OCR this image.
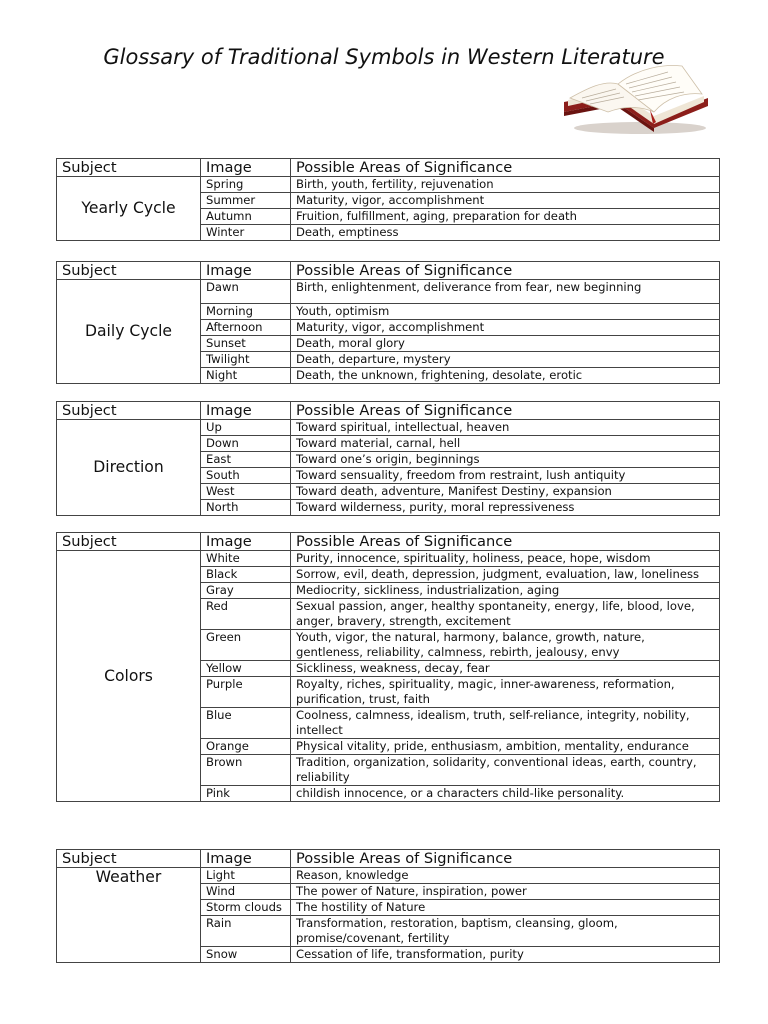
Glossary of Traditional Symbols in Western Literature
Subject	Image	Possible Areas of Significance
Yearly Cycle	Spring	Birth, youth, fertility, rejuvenation
	Summer	Maturity, vigor, accomplishment
	Autumn	Fruition, fulfillment, aging, preparation for death
	Winter	Death, emptiness
Subject	Image	Possible Areas of Significance
Daily Cycle	Dawn	Birth, enlightenment, deliverance from fear, new beginning
	Morning	Youth, optimism
	Afternoon	Maturity, vigor, accomplishment
	Sunset	Death, moral glory
	Twilight	Death, departure, mystery
	Night	Death, the unknown, frightening, desolate, erotic
Subject	Image	Possible Areas of Significance
Direction	Up	Toward spiritual, intellectual, heaven
	Down	Toward material, carnal, hell
	East	Toward one’s origin, beginnings
	South	Toward sensuality, freedom from restraint, lush antiquity
	West	Toward death, adventure, Manifest Destiny, expansion
	North	Toward wilderness, purity, moral repressiveness
Subject	Image	Possible Areas of Significance
Colors	White	Purity, innocence, spirituality, holiness, peace, hope, wisdom
	Black	Sorrow, evil, death, depression, judgment, evaluation, law, loneliness
	Gray	Mediocrity, sickliness, industrialization, aging
	Red	Sexual passion, anger, healthy spontaneity, energy, life, blood, love, anger, bravery, strength, excitement
	Green	Youth, vigor, the natural, harmony, balance, growth, nature, gentleness, reliability, calmness, rebirth, jealousy, envy
	Yellow	Sickliness, weakness, decay, fear
	Purple	Royalty, riches, spirituality, magic, inner-awareness, reformation, purification, trust, faith
	Blue	Coolness, calmness, idealism, truth, self-reliance, integrity, nobility, intellect
	Orange	Physical vitality, pride, enthusiasm, ambition, mentality, endurance
	Brown	Tradition, organization, solidarity, conventional ideas, earth, country, reliability
	Pink	childish innocence, or a characters child-like personality.
Subject	Image	Possible Areas of Significance
Weather	Light	Reason, knowledge
	Wind	The power of Nature, inspiration, power
	Storm clouds	The hostility of Nature
	Rain	Transformation, restoration, baptism, cleansing, gloom, promise/covenant, fertility
	Snow	Cessation of life, transformation, purity
